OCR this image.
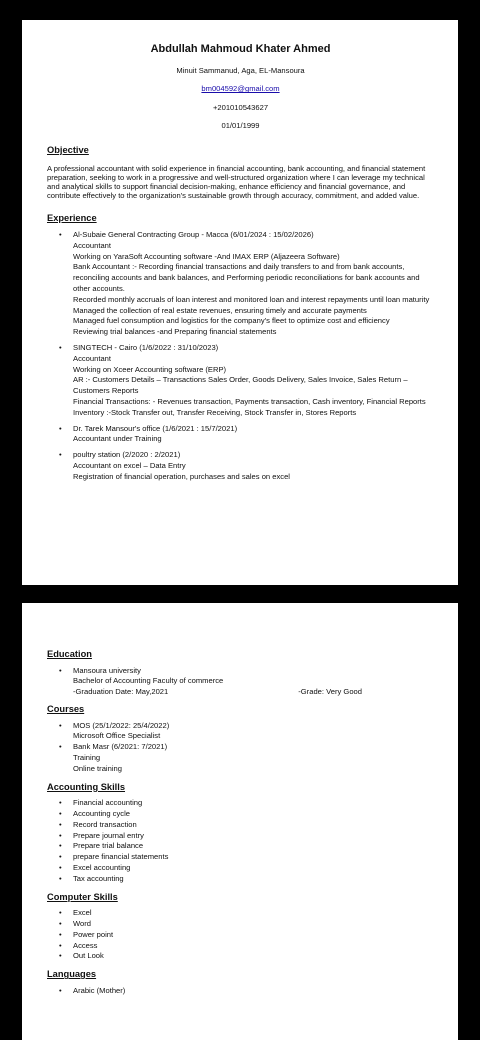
Abdullah Mahmoud Khater Ahmed
Minuit Sammanud, Aga, EL-Mansoura
bm004592@gmail.com
+201010543627
01/01/1999
Objective
A professional accountant with solid experience in financial accounting, bank accounting, and financial statement preparation, seeking to work in a progressive and well-structured organization where I can leverage my technical and analytical skills to support financial decision-making, enhance efficiency and financial governance, and contribute effectively to the organization's sustainable growth through accuracy, commitment, and added value.
Experience
• Al-Subaie General Contracting Group - Macca (6/01/2024 : 15/02/2026)
Accountant
Working on YaraSoft Accounting software -And IMAX ERP (Aljazeera Software)
Bank Accountant :- Recording financial transactions and daily transfers to and from bank accounts, reconciling accounts and bank balances, and Performing periodic reconciliations for bank accounts and other accounts.
Recorded monthly accruals of loan interest and monitored loan and interest repayments until loan maturity
Managed the collection of real estate revenues, ensuring timely and accurate payments
Managed fuel consumption and logistics for the company's fleet to optimize cost and efficiency
Reviewing trial balances -and Preparing financial statements
• SINGTECH - Cairo (1/6/2022 : 31/10/2023)
Accountant
Working on Xceer Accounting software (ERP)
AR :- Customers Details – Transactions Sales Order, Goods Delivery, Sales Invoice, Sales Return – Customers Reports
Financial Transactions: - Revenues transaction, Payments transaction, Cash inventory, Financial Reports
Inventory :-Stock Transfer out, Transfer Receiving, Stock Transfer in, Stores Reports
• Dr. Tarek Mansour's office (1/6/2021 : 15/7/2021)
Accountant under Training
• poultry station (2/2020 : 2/2021)
Accountant on excel – Data Entry
Registration of financial operation, purchases and sales on excel
Education
• Mansoura university
Bachelor of Accounting Faculty of commerce
-Graduation Date: May,2021	-Grade: Very Good
Courses
• MOS (25/1/2022: 25/4/2022)
Microsoft Office Specialist
• Bank Masr (6/2021: 7/2021)
Training
Online training
Accounting Skills
• Financial accounting
• Accounting cycle
• Record transaction
• Prepare journal entry
• Prepare trial balance
• prepare financial statements
• Excel accounting
• Tax accounting
Computer Skills
• Excel
• Word
• Power point
• Access
• Out Look
Languages
• Arabic (Mother)
